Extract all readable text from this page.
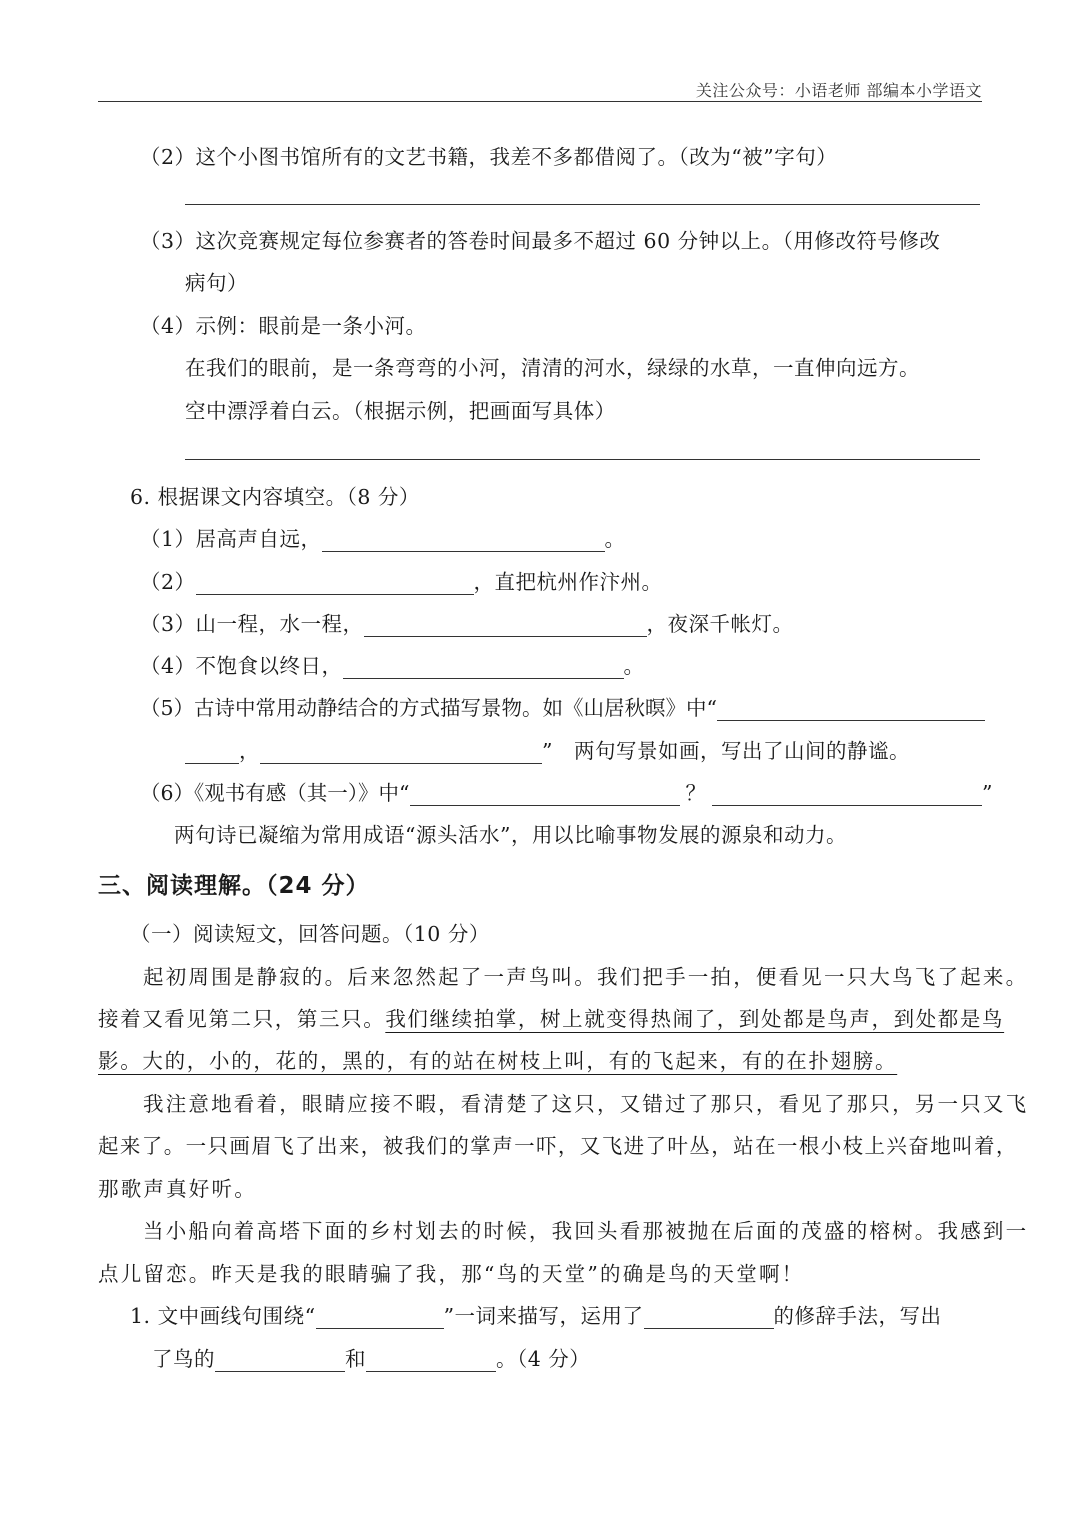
关注公众号：小语老师 部编本小学语文
（2）这个小图书馆所有的文艺书籍，我差不多都借阅了。（改为“被”字句）
（3）这次竞赛规定每位参赛者的答卷时间最多不超过 60 分钟以上。（用修改符号修改
病句）
（4）示例：眼前是一条小河。
在我们的眼前，是一条弯弯的小河，清清的河水，绿绿的水草，一直伸向远方。
空中漂浮着白云。（根据示例，把画面写具体）
6. 根据课文内容填空。（8 分）
（1）居高声自远，	。
（2）	，直把杭州作汴州。
（3）山一程，水一程，	，夜深千帐灯。
（4）不饱食以终日，	。
（5）古诗中常用动静结合的方式描写景物。如《山居秋暝》中“
，	”　两句写景如画，写出了山间的静谧。
（6）《观书有感（其一）》中“	？	”
两句诗已凝缩为常用成语“源头活水”，用以比喻事物发展的源泉和动力。
三、阅读理解。（24 分）
（一）阅读短文，回答问题。（10 分）
起初周围是静寂的。后来忽然起了一声鸟叫。我们把手一拍，便看见一只大鸟飞了起来。
接着又看见第二只，第三只。我们继续拍掌，树上就变得热闹了，到处都是鸟声，到处都是鸟
影。大的，小的，花的，黑的，有的站在树枝上叫，有的飞起来，有的在扑翅膀。
我注意地看着，眼睛应接不暇，看清楚了这只，又错过了那只，看见了那只，另一只又飞
起来了。一只画眉飞了出来，被我们的掌声一吓，又飞进了叶丛，站在一根小枝上兴奋地叫着，
那歌声真好听。
当小船向着高塔下面的乡村划去的时候，我回头看那被抛在后面的茂盛的榕树。我感到一
点儿留恋。昨天是我的眼睛骗了我，那“鸟的天堂”的确是鸟的天堂啊！
1. 文中画线句围绕“	”一词来描写，运用了	的修辞手法，写出
了鸟的	和	。（4 分）
